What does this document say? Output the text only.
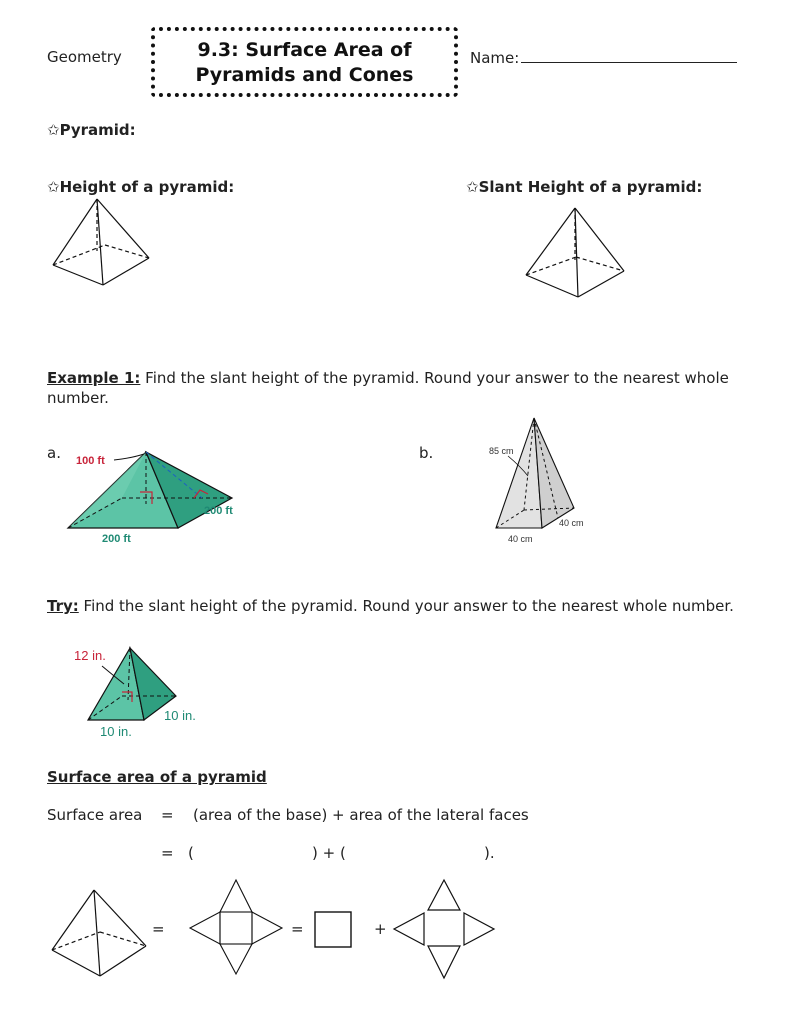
Geometry	9.3: Surface Area of
Pyramids and Cones
Name:
✩Pyramid:
✩Height of a pyramid:	✩Slant Height of a pyramid:
Example 1: Find the slant height of the pyramid. Round your answer to the nearest whole
number.
a.	b.
100 ft
200 ft
200 ft
85 cm
40 cm
40 cm
Try: Find the slant height of the pyramid. Round your answer to the nearest whole number.
12 in.
10 in.
10 in.
Surface area of a pyramid
Surface area = (area of the base) + area of the lateral faces
= (	) + (	).
=	=	+
